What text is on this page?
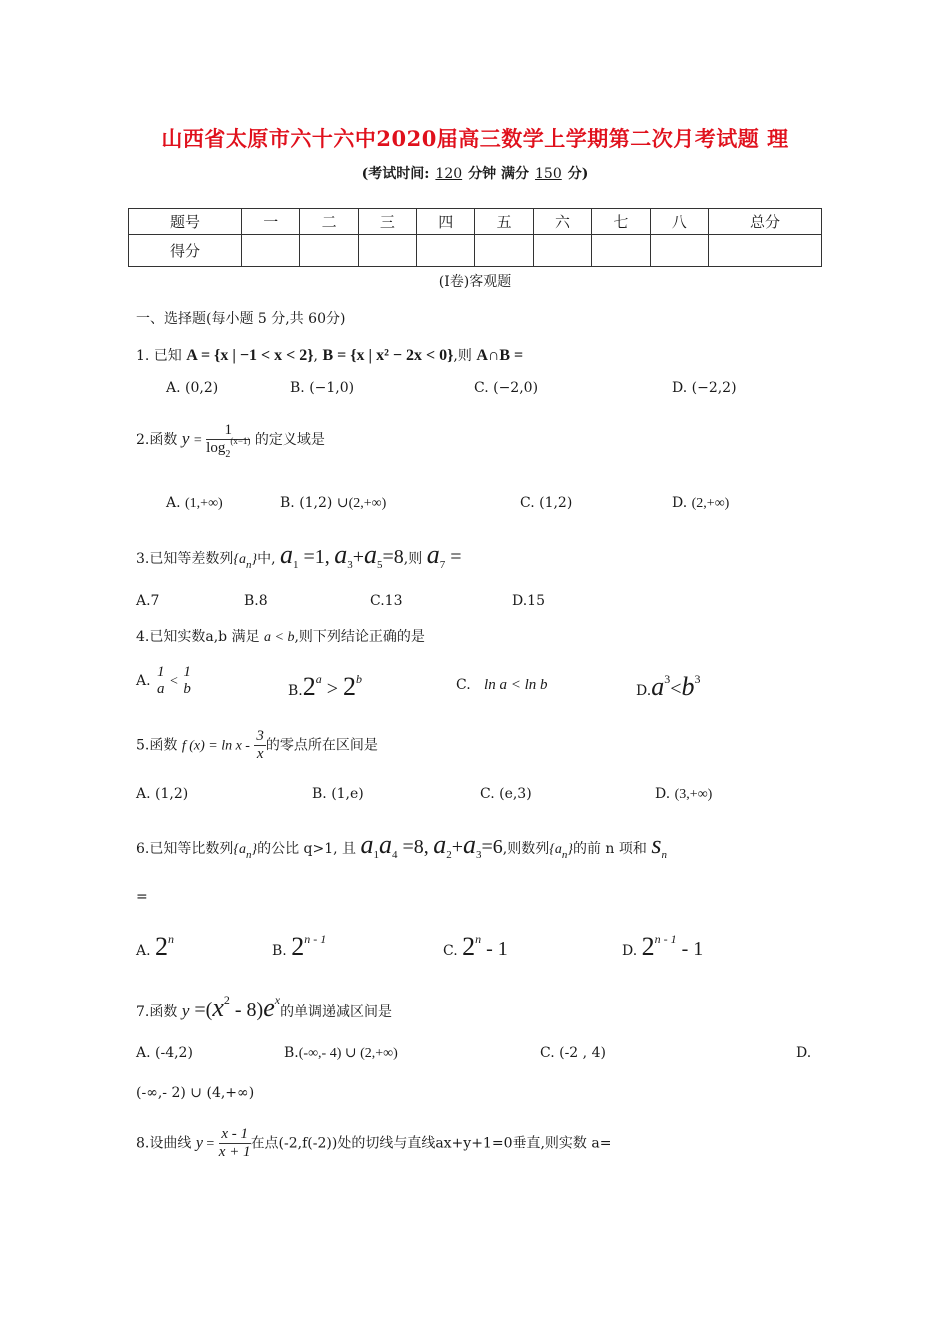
山西省太原市六十六中2020届高三数学上学期第二次月考试题 理
(考试时间: 120 分钟 满分 150 分)
题号	一	二	三	四	五	六	七	八	总分
得分									
(Ⅰ卷)客观题
一、选择题(每小题 5 分,共 60分)
1. 已知 A = {x | −1 < x < 2}, B = {x | x² − 2x < 0},则 A∩B =
A. (0,2)	B. (−1,0)	C. (−2,0)	D. (−2,2)
2.函数 $y = \frac{1}{\log_2^{(x-1)}}$ 的定义域是
A. (1,+∞)	B. (1,2) ∪(2,+∞)	C. (1,2)	D. (2,+∞)
3.已知等差数列$\{a_n\}$中, $a_1 =1$, $a_3+a_5=8$,则 $a_7$ =
A.7	B.8	C.13	D.15
4.已知实数a,b 满足 a < b,则下列结论正确的是
A.
1
a <
1
b	B.2a > 2b	C. ln a < ln b	D.a3<b3
5.函数 f $(x) = \ln x - \frac{3}{x}$ 的零点所在区间是
A. (1,2)	B. (1,e)	C. (e,3)	D. (3,+∞)
6.已知等比数列$\{a_n\}$的公比 q>1, 且 $a_1a_4 =8$, $a_2+a_3=6$,则数列$\{a_n\}$的前 n 项和 $s_n$
=
A. 2n
B. 2n - 1
C. 2n - 1	D. 2n - 1 - 1
7.函数 y =(x2 - 8)ex的单调递减区间是
A. (-4,2)	B.(-∞,- 4) ∪ (2,+∞)	C. (-2 , 4)	D.
(-∞,- 2) ∪ (4,+∞)
8.设曲线 $y = \frac{x - 1}{x + 1}$ 在点(-2,f(-2))处的切线与直线ax+y+1=0垂直,则实数 a=
